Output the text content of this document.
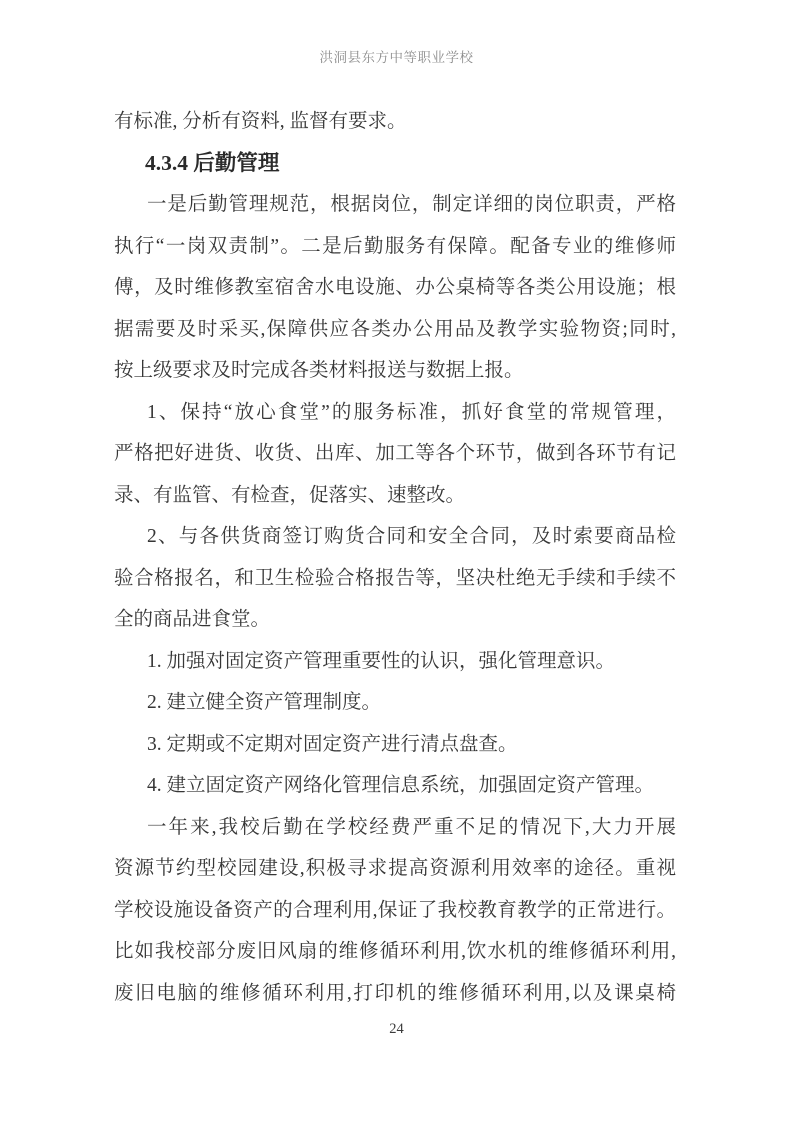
洪洞县东方中等职业学校
有标准, 分析有资料, 监督有要求。
4.3.4 后勤管理
一是后勤管理规范，根据岗位，制定详细的岗位职责，严格
执行“一岗双责制”。二是后勤服务有保障。配备专业的维修师
傅，及时维修教室宿舍水电设施、办公桌椅等各类公用设施；根
据需要及时采买,保障供应各类办公用品及教学实验物资;同时,
按上级要求及时完成各类材料报送与数据上报。
1、保持“放心食堂”的服务标准，抓好食堂的常规管理，
严格把好进货、收货、出库、加工等各个环节，做到各环节有记
录、有监管、有检查，促落实、速整改。
2、与各供货商签订购货合同和安全合同，及时索要商品检
验合格报名，和卫生检验合格报告等，坚决杜绝无手续和手续不
全的商品进食堂。
1. 加强对固定资产管理重要性的认识，强化管理意识。
2. 建立健全资产管理制度。
3. 定期或不定期对固定资产进行清点盘查。
4. 建立固定资产网络化管理信息系统，加强固定资产管理。
一年来,我校后勤在学校经费严重不足的情况下,大力开展
资源节约型校园建设,积极寻求提高资源利用效率的途径。重视
学校设施设备资产的合理利用,保证了我校教育教学的正常进行。
比如我校部分废旧风扇的维修循环利用,饮水机的维修循环利用,
废旧电脑的维修循环利用,打印机的维修循环利用,以及课桌椅
24
